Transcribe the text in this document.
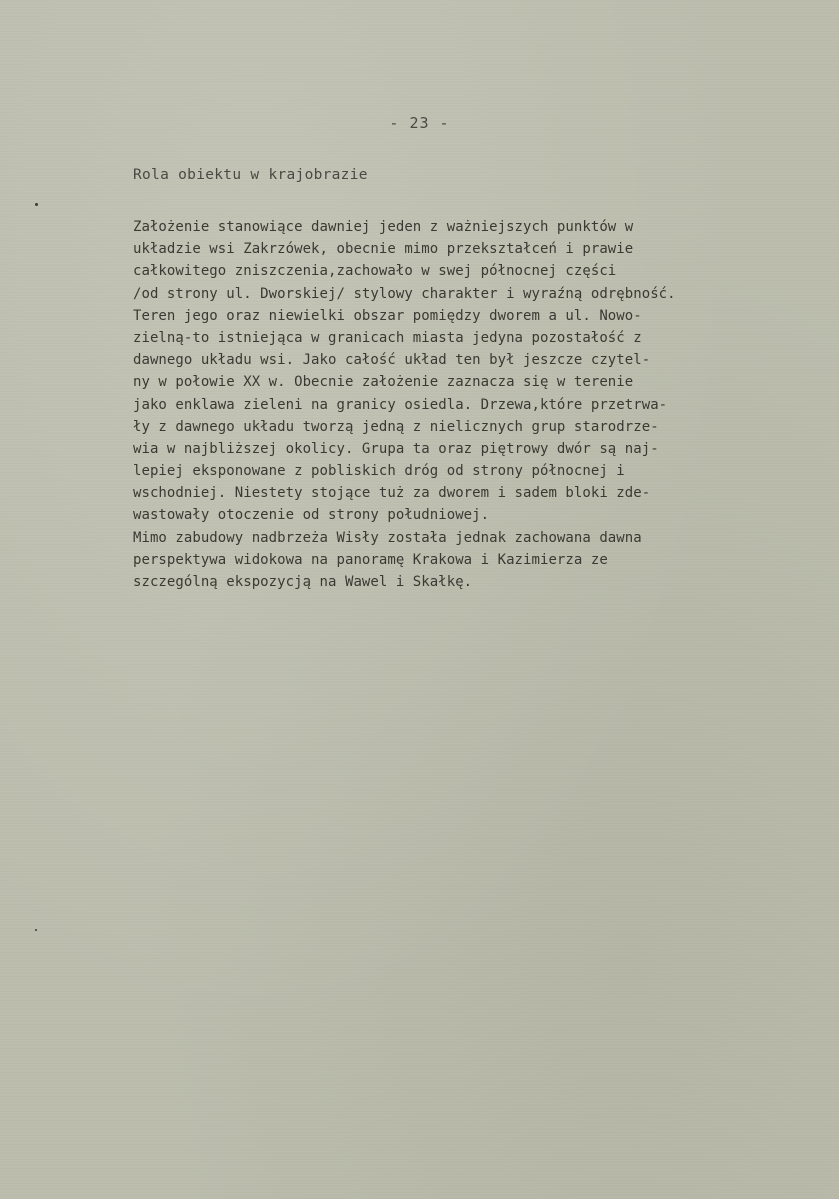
- 23 -
Rola obiektu w krajobrazie
Założenie stanowiące dawniej jeden z ważniejszych punktów w
układzie wsi Zakrzówek, obecnie mimo przekształceń i prawie
całkowitego zniszczenia,zachowało w swej północnej części
/od strony ul. Dworskiej/ stylowy charakter i wyraźną odrębność.
Teren jego oraz niewielki obszar pomiędzy dworem a ul. Nowo-
zielną-to istniejąca w granicach miasta jedyna pozostałość z
dawnego układu wsi. Jako całość układ ten był jeszcze czytel-
ny w połowie XX w. Obecnie założenie zaznacza się w terenie
jako enklawa zieleni na granicy osiedla. Drzewa,które przetrwa-
ły z dawnego układu tworzą jedną z nielicznych grup starodrze-
wia w najbliższej okolicy. Grupa ta oraz piętrowy dwór są naj-
lepiej eksponowane z pobliskich dróg od strony północnej i
wschodniej. Niestety stojące tuż za dworem i sadem bloki zde-
wastowały otoczenie od strony południowej.
Mimo zabudowy nadbrzeża Wisły została jednak zachowana dawna
perspektywa widokowa na panoramę Krakowa i Kazimierza ze
szczególną ekspozycją na Wawel i Skałkę.
